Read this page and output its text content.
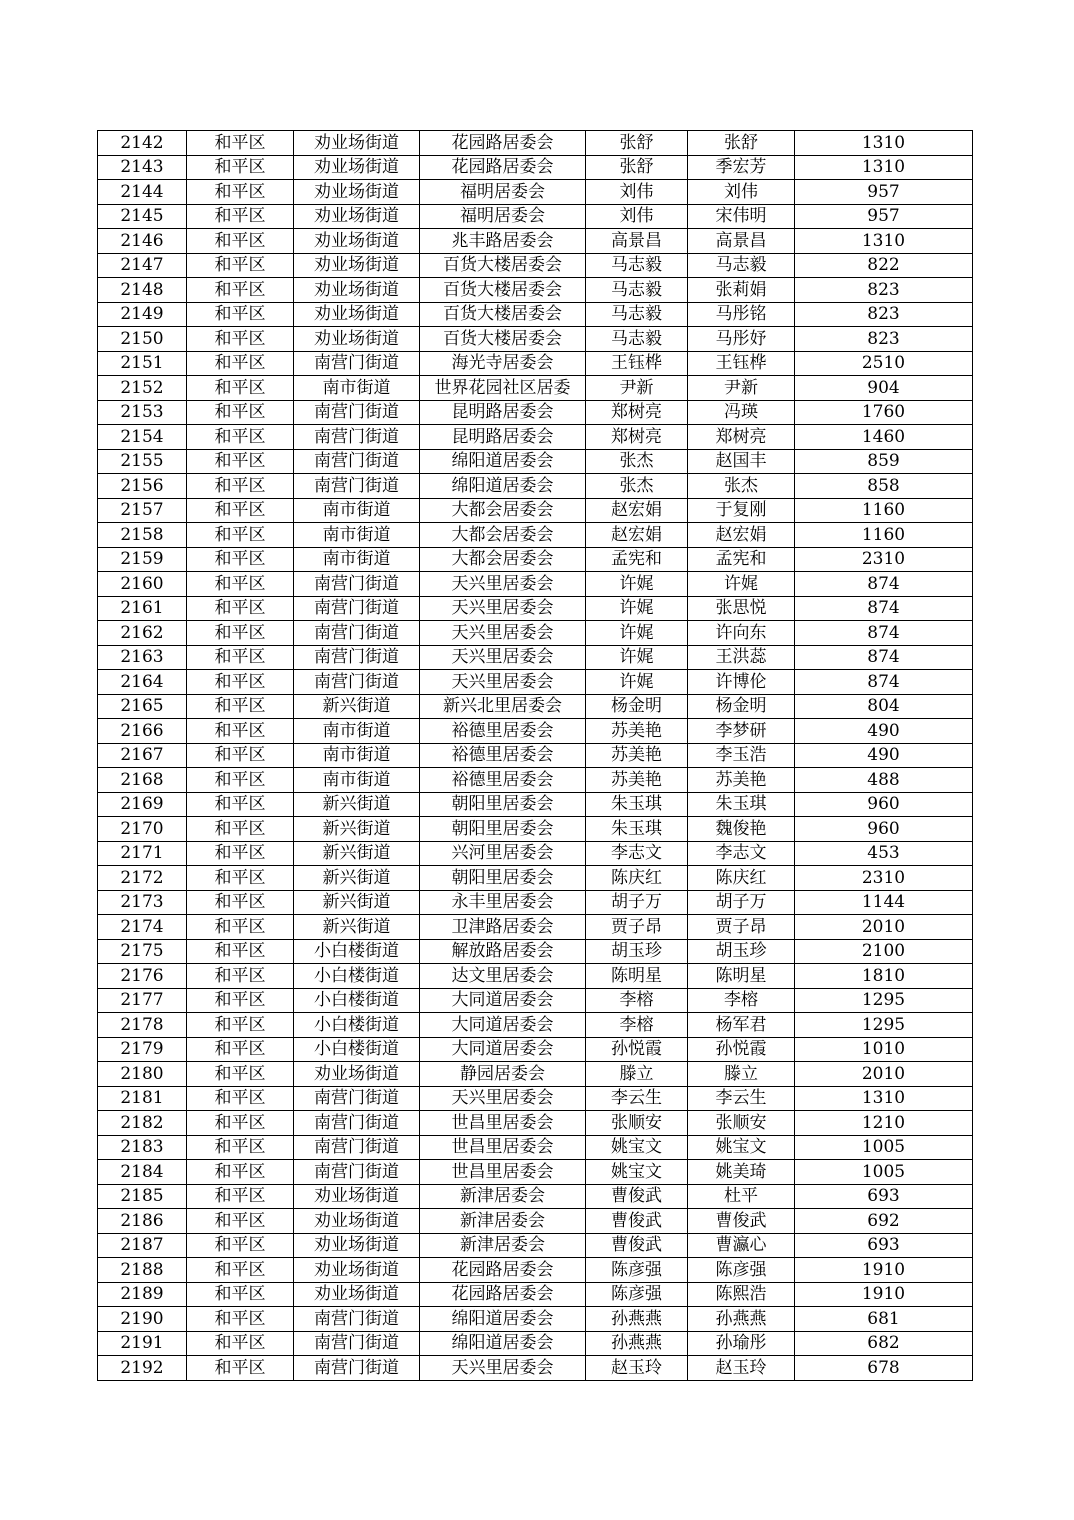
2142	和平区	劝业场街道	花园路居委会	张舒	张舒	1310
2143	和平区	劝业场街道	花园路居委会	张舒	季宏芳	1310
2144	和平区	劝业场街道	福明居委会	刘伟	刘伟	957
2145	和平区	劝业场街道	福明居委会	刘伟	宋伟明	957
2146	和平区	劝业场街道	兆丰路居委会	高景昌	高景昌	1310
2147	和平区	劝业场街道	百货大楼居委会	马志毅	马志毅	822
2148	和平区	劝业场街道	百货大楼居委会	马志毅	张莉娟	823
2149	和平区	劝业场街道	百货大楼居委会	马志毅	马彤铭	823
2150	和平区	劝业场街道	百货大楼居委会	马志毅	马彤妤	823
2151	和平区	南营门街道	海光寺居委会	王钰桦	王钰桦	2510
2152	和平区	南市街道	世界花园社区居委	尹新	尹新	904
2153	和平区	南营门街道	昆明路居委会	郑树亮	冯瑛	1760
2154	和平区	南营门街道	昆明路居委会	郑树亮	郑树亮	1460
2155	和平区	南营门街道	绵阳道居委会	张杰	赵国丰	859
2156	和平区	南营门街道	绵阳道居委会	张杰	张杰	858
2157	和平区	南市街道	大都会居委会	赵宏娟	于复刚	1160
2158	和平区	南市街道	大都会居委会	赵宏娟	赵宏娟	1160
2159	和平区	南市街道	大都会居委会	孟宪和	孟宪和	2310
2160	和平区	南营门街道	天兴里居委会	许娓	许娓	874
2161	和平区	南营门街道	天兴里居委会	许娓	张思悦	874
2162	和平区	南营门街道	天兴里居委会	许娓	许向东	874
2163	和平区	南营门街道	天兴里居委会	许娓	王洪蕊	874
2164	和平区	南营门街道	天兴里居委会	许娓	许博伦	874
2165	和平区	新兴街道	新兴北里居委会	杨金明	杨金明	804
2166	和平区	南市街道	裕德里居委会	苏美艳	李梦研	490
2167	和平区	南市街道	裕德里居委会	苏美艳	李玉浩	490
2168	和平区	南市街道	裕德里居委会	苏美艳	苏美艳	488
2169	和平区	新兴街道	朝阳里居委会	朱玉琪	朱玉琪	960
2170	和平区	新兴街道	朝阳里居委会	朱玉琪	魏俊艳	960
2171	和平区	新兴街道	兴河里居委会	李志文	李志文	453
2172	和平区	新兴街道	朝阳里居委会	陈庆红	陈庆红	2310
2173	和平区	新兴街道	永丰里居委会	胡子万	胡子万	1144
2174	和平区	新兴街道	卫津路居委会	贾子昂	贾子昂	2010
2175	和平区	小白楼街道	解放路居委会	胡玉珍	胡玉珍	2100
2176	和平区	小白楼街道	达文里居委会	陈明星	陈明星	1810
2177	和平区	小白楼街道	大同道居委会	李榕	李榕	1295
2178	和平区	小白楼街道	大同道居委会	李榕	杨军君	1295
2179	和平区	小白楼街道	大同道居委会	孙悦霞	孙悦霞	1010
2180	和平区	劝业场街道	静园居委会	滕立	滕立	2010
2181	和平区	南营门街道	天兴里居委会	李云生	李云生	1310
2182	和平区	南营门街道	世昌里居委会	张顺安	张顺安	1210
2183	和平区	南营门街道	世昌里居委会	姚宝文	姚宝文	1005
2184	和平区	南营门街道	世昌里居委会	姚宝文	姚美琦	1005
2185	和平区	劝业场街道	新津居委会	曹俊武	杜平	693
2186	和平区	劝业场街道	新津居委会	曹俊武	曹俊武	692
2187	和平区	劝业场街道	新津居委会	曹俊武	曹瀛心	693
2188	和平区	劝业场街道	花园路居委会	陈彦强	陈彦强	1910
2189	和平区	劝业场街道	花园路居委会	陈彦强	陈熙浩	1910
2190	和平区	南营门街道	绵阳道居委会	孙燕燕	孙燕燕	681
2191	和平区	南营门街道	绵阳道居委会	孙燕燕	孙瑜彤	682
2192	和平区	南营门街道	天兴里居委会	赵玉玲	赵玉玲	678
